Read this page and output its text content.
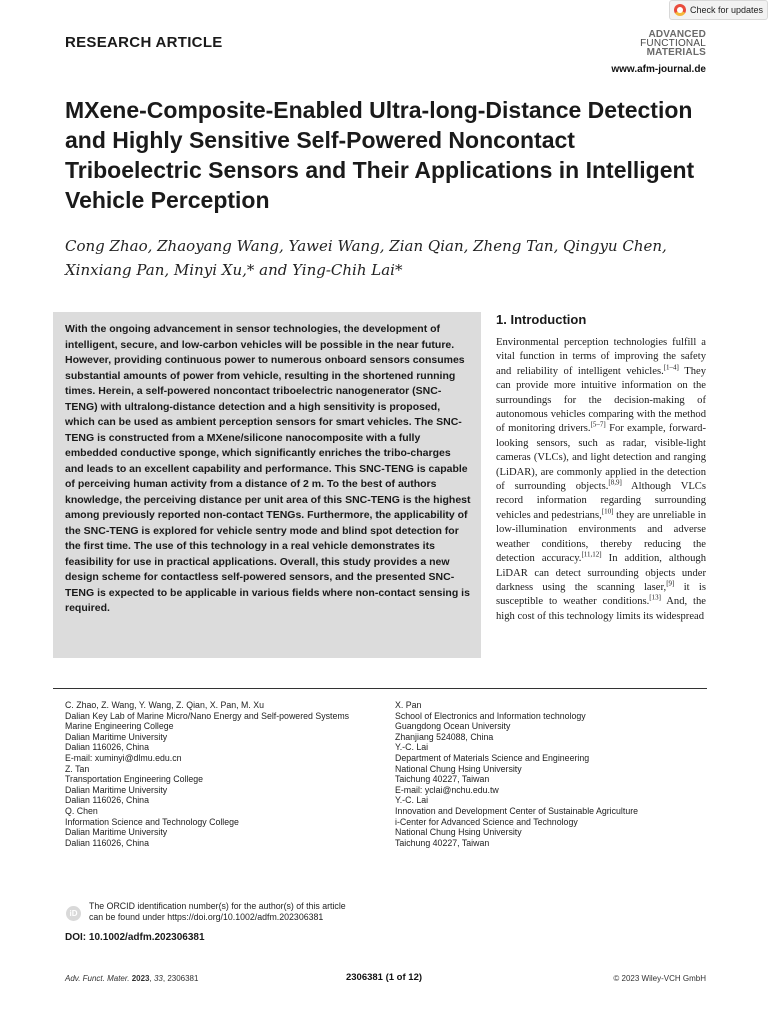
Check for updates
RESEARCH ARTICLE	ADVANCED
FUNCTIONAL
MATERIALS
www.afm-journal.de
MXene-Composite-Enabled Ultra-long-Distance Detection and Highly Sensitive Self-Powered Noncontact Triboelectric Sensors and Their Applications in Intelligent Vehicle Perception
Cong Zhao, Zhaoyang Wang, Yawei Wang, Zian Qian, Zheng Tan, Qingyu Chen,
Xinxiang Pan, Minyi Xu,* and Ying-Chih Lai*
With the ongoing advancement in sensor technologies, the development of intelligent, secure, and low-carbon vehicles will be possible in the near future. However, providing continuous power to numerous onboard sensors consumes substantial amounts of power from vehicle, resulting in the shortened running times. Herein, a self-powered noncontact triboelectric nanogenerator (SNC-TENG) with ultralong-distance detection and a high sensitivity is proposed, which can be used as ambient perception sensors for smart vehicles. The SNC-TENG is constructed from a MXene/silicone nanocomposite with a fully embedded conductive sponge, which significantly enriches the tribo-charges and leads to an excellent capability and performance. This SNC-TENG is capable of perceiving human activity from a distance of 2 m. To the best of authors knowledge, the perceiving distance per unit area of this SNC-TENG is the highest among previously reported non-contact TENGs. Furthermore, the applicability of the SNC-TENG is explored for vehicle sentry mode and blind spot detection for the first time. The use of this technology in a real vehicle demonstrates its feasibility for use in practical applications. Overall, this study provides a new design scheme for contactless self-powered sensors, and the presented SNC-TENG is expected to be applicable in various fields where non-contact sensing is required.
1. Introduction
Environmental perception technologies fulfill a vital function in terms of improving the safety and reliability of intelligent vehicles.[1–4] They can provide more intuitive information on the surroundings for the decision-making of autonomous vehicles comparing with the method of monitoring drivers.[5–7] For example, forward-looking sensors, such as radar, visible-light cameras (VLCs), and light detection and ranging (LiDAR), are commonly applied in the detection of surrounding objects.[8,9] Although VLCs record information regarding surrounding vehicles and pedestrians,[10] they are unreliable in low-illumination environments and adverse weather conditions, thereby reducing the detection accuracy.[11,12] In addition, although LiDAR can detect surrounding objects under darkness using the scanning laser,[9] it is susceptible to weather conditions.[13] And, the high cost of this technology limits its widespread
C. Zhao, Z. Wang, Y. Wang, Z. Qian, X. Pan, M. Xu
Dalian Key Lab of Marine Micro/Nano Energy and Self-powered Systems
Marine Engineering College
Dalian Maritime University
Dalian 116026, China
E-mail: xuminyi@dlmu.edu.cn
Z. Tan
Transportation Engineering College
Dalian Maritime University
Dalian 116026, China
Q. Chen
Information Science and Technology College
Dalian Maritime University
Dalian 116026, China
X. Pan
School of Electronics and Information technology
Guangdong Ocean University
Zhanjiang 524088, China
Y.-C. Lai
Department of Materials Science and Engineering
National Chung Hsing University
Taichung 40227, Taiwan
E-mail: yclai@nchu.edu.tw
Y.-C. Lai
Innovation and Development Center of Sustainable Agriculture
i-Center for Advanced Science and Technology
National Chung Hsing University
Taichung 40227, Taiwan
iD
The ORCID identification number(s) for the author(s) of this article
can be found under https://doi.org/10.1002/adfm.202306381
DOI: 10.1002/adfm.202306381
Adv. Funct. Mater. 2023, 33, 2306381	2306381 (1 of 12)	© 2023 Wiley-VCH GmbH
